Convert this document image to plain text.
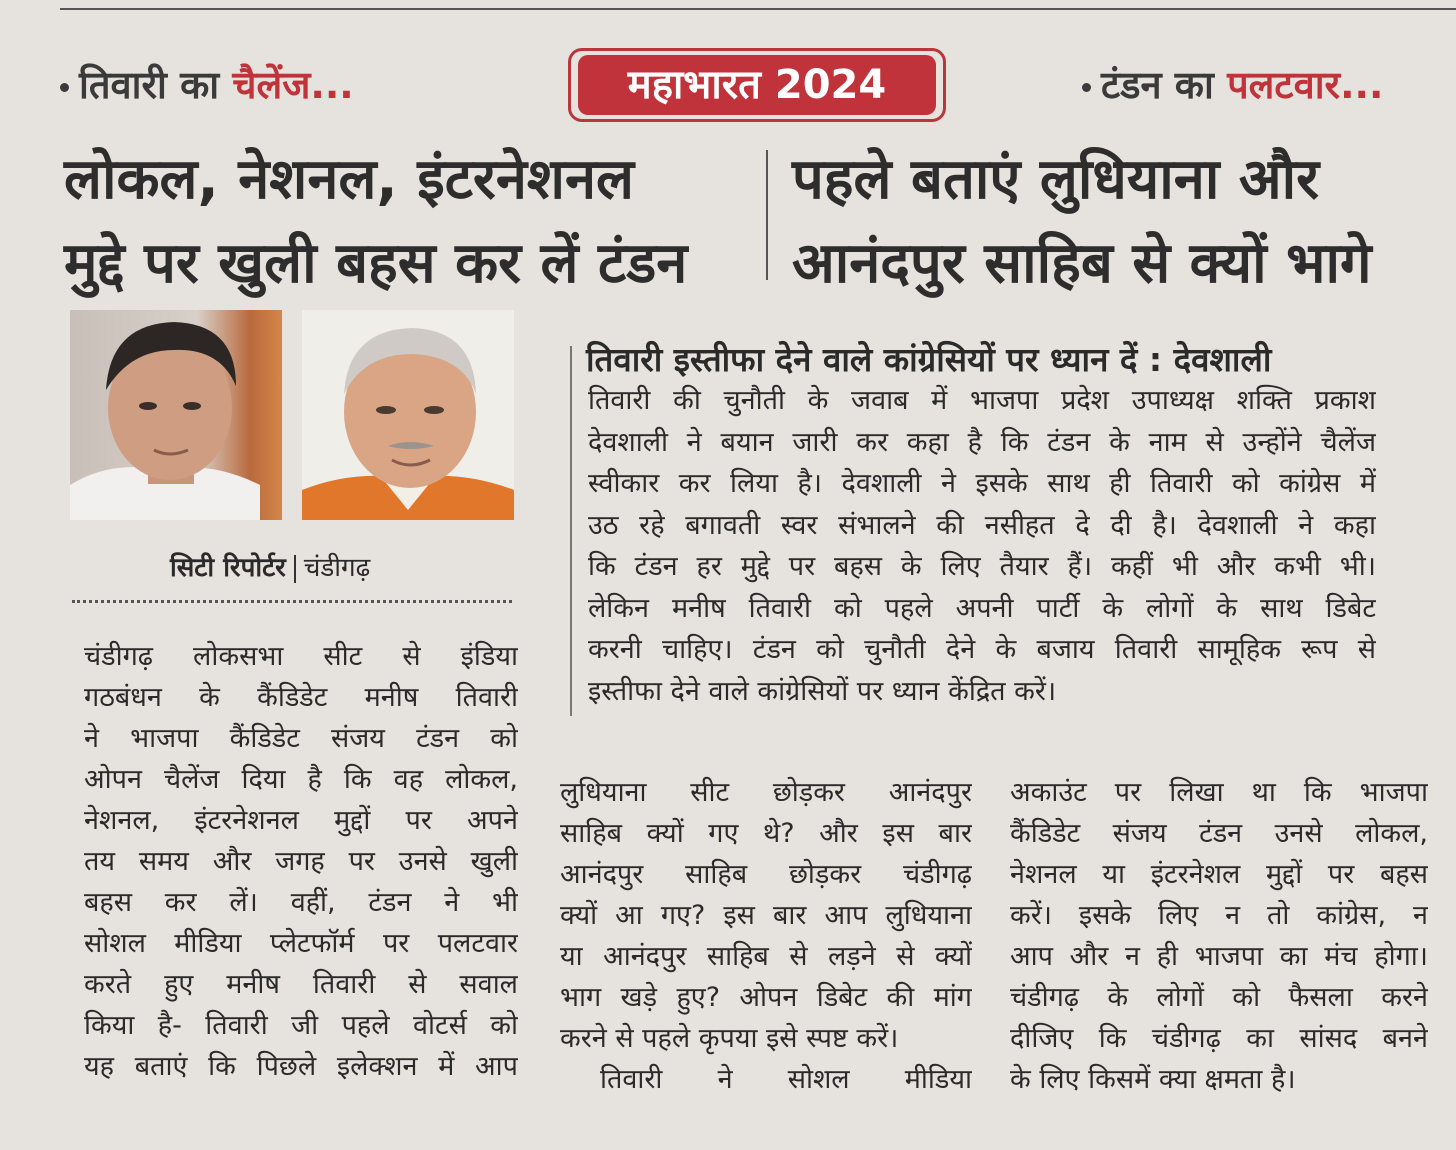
तिवारी का चैलेंज...	महाभारत 2024	टंडन का पलटवार...
लोकल, नेशनल, इंटरनेशनल
मुद्दे पर खुली बहस कर लें टंडन
पहले बताएं लुधियाना और
आनंदपुर साहिब से क्यों भागे
सिटी रिपोर्टर चंडीगढ़
चंडीगढ़ लोकसभा सीट से इंडिया
गठबंधन के कैंडिडेट मनीष तिवारी
ने भाजपा कैंडिडेट संजय टंडन को
ओपन चैलेंज दिया है कि वह लोकल,
नेशनल, इंटरनेशनल मुद्दों पर अपने
तय समय और जगह पर उनसे खुली
बहस कर लें। वहीं, टंडन ने भी
सोशल मीडिया प्लेटफॉर्म पर पलटवार
करते हुए मनीष तिवारी से सवाल
किया है- तिवारी जी पहले वोटर्स को
यह बताएं कि पिछले इलेक्शन में आप
तिवारी इस्तीफा देने वाले कांग्रेसियों पर ध्यान दें : देवशाली
तिवारी की चुनौती के जवाब में भाजपा प्रदेश उपाध्यक्ष शक्ति प्रकाश
देवशाली ने बयान जारी कर कहा है कि टंडन के नाम से उन्होंने चैलेंज
स्वीकार कर लिया है। देवशाली ने इसके साथ ही तिवारी को कांग्रेस में
उठ रहे बगावती स्वर संभालने की नसीहत दे दी है। देवशाली ने कहा
कि टंडन हर मुद्दे पर बहस के लिए तैयार हैं। कहीं भी और कभी भी।
लेकिन मनीष तिवारी को पहले अपनी पार्टी के लोगों के साथ डिबेट
करनी चाहिए। टंडन को चुनौती देने के बजाय तिवारी सामूहिक रूप से
इस्तीफा देने वाले कांग्रेसियों पर ध्यान केंद्रित करें।
लुधियाना सीट छोड़कर आनंदपुर
साहिब क्यों गए थे? और इस बार
आनंदपुर साहिब छोड़कर चंडीगढ़
क्यों आ गए? इस बार आप लुधियाना
या आनंदपुर साहिब से लड़ने से क्यों
भाग खड़े हुए? ओपन डिबेट की मांग
करने से पहले कृपया इसे स्पष्ट करें।
तिवारी ने सोशल मीडिया
अकाउंट पर लिखा था कि भाजपा
कैंडिडेट संजय टंडन उनसे लोकल,
नेशनल या इंटरनेशल मुद्दों पर बहस
करें। इसके लिए न तो कांग्रेस, न
आप और न ही भाजपा का मंच होगा।
चंडीगढ़ के लोगों को फैसला करने
दीजिए कि चंडीगढ़ का सांसद बनने
के लिए किसमें क्या क्षमता है।
